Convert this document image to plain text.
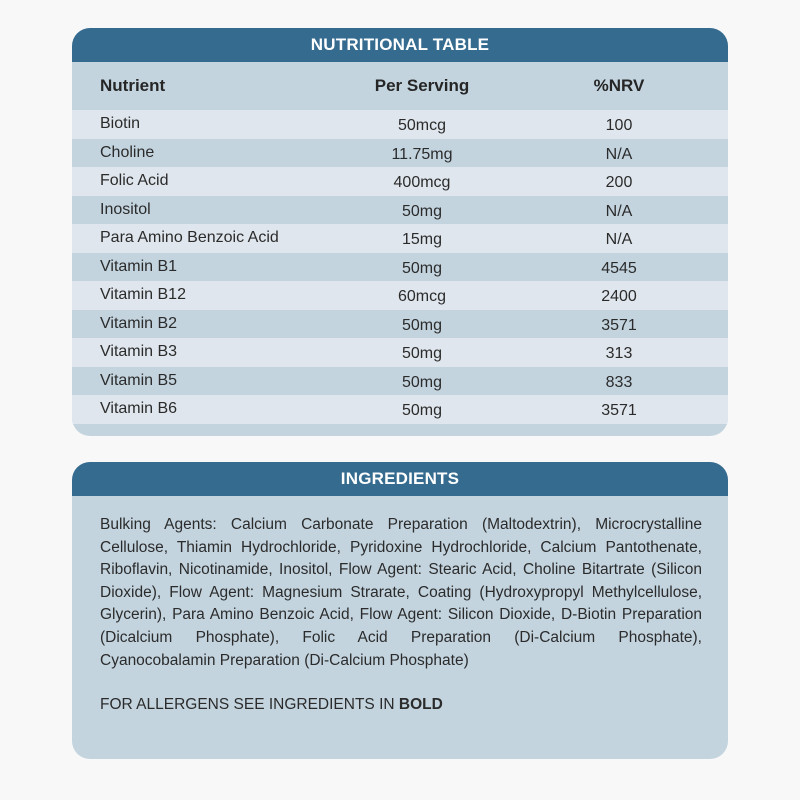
NUTRITIONAL TABLE
Nutrient	Per Serving	%NRV
Biotin	50mcg	100
Choline	11.75mg	N/A
Folic Acid	400mcg	200
Inositol	50mg	N/A
Para Amino Benzoic Acid	15mg	N/A
Vitamin B1	50mg	4545
Vitamin B12	60mcg	2400
Vitamin B2	50mg	3571
Vitamin B3	50mg	313
Vitamin B5	50mg	833
Vitamin B6	50mg	3571
INGREDIENTS
Bulking Agents: Calcium Carbonate Preparation (Maltodextrin), Microcrystalline Cellulose, Thiamin Hydrochloride, Pyridoxine Hydrochloride, Calcium Pantothenate, Riboflavin, Nicotinamide, Inositol, Flow Agent: Stearic Acid, Choline Bitartrate (Silicon Dioxide), Flow Agent: Magnesium Strarate, Coating (Hydroxypropyl Methylcellulose, Glycerin), Para Amino Benzoic Acid, Flow Agent: Silicon Dioxide, D-Biotin Preparation (Dicalcium Phosphate), Folic Acid Preparation (Di-Calcium Phosphate), Cyanocobalamin Preparation (Di-Calcium Phosphate)
FOR ALLERGENS SEE INGREDIENTS IN BOLD
